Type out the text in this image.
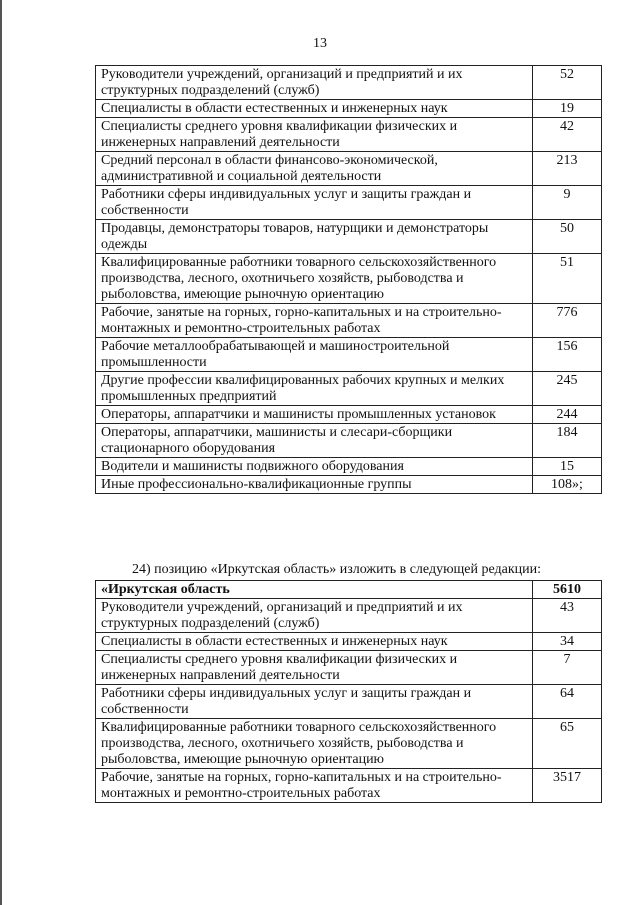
13
Руководители учреждений, организаций и предприятий и их структурных подразделений (служб)	52
Специалисты в области естественных и инженерных наук	19
Специалисты среднего уровня квалификации физических и инженерных направлений деятельности	42
Средний персонал в области финансово-экономической, административной и социальной деятельности	213
Работники сферы индивидуальных услуг и защиты граждан и собственности	9
Продавцы, демонстраторы товаров, натурщики и демонстраторы одежды	50
Квалифицированные работники товарного сельскохозяйственного производства, лесного, охотничьего хозяйств, рыбоводства и рыболовства, имеющие рыночную ориентацию	51
Рабочие, занятые на горных, горно-капитальных и на строительно-монтажных и ремонтно-строительных работах	776
Рабочие металлообрабатывающей и машиностроительной промышленности	156
Другие профессии квалифицированных рабочих крупных и мелких промышленных предприятий	245
Операторы, аппаратчики и машинисты промышленных установок	244
Операторы, аппаратчики, машинисты и слесари-сборщики стационарного оборудования	184
Водители и машинисты подвижного оборудования	15
Иные профессионально-квалификационные группы	108»;
24) позицию «Иркутская область» изложить в следующей редакции:
«Иркутская область	5610
Руководители учреждений, организаций и предприятий и их структурных подразделений (служб)	43
Специалисты в области естественных и инженерных наук	34
Специалисты среднего уровня квалификации физических и инженерных направлений деятельности	7
Работники сферы индивидуальных услуг и защиты граждан и собственности	64
Квалифицированные работники товарного сельскохозяйственного производства, лесного, охотничьего хозяйств, рыбоводства и рыболовства, имеющие рыночную ориентацию	65
Рабочие, занятые на горных, горно-капитальных и на строительно-монтажных и ремонтно-строительных работах	3517
